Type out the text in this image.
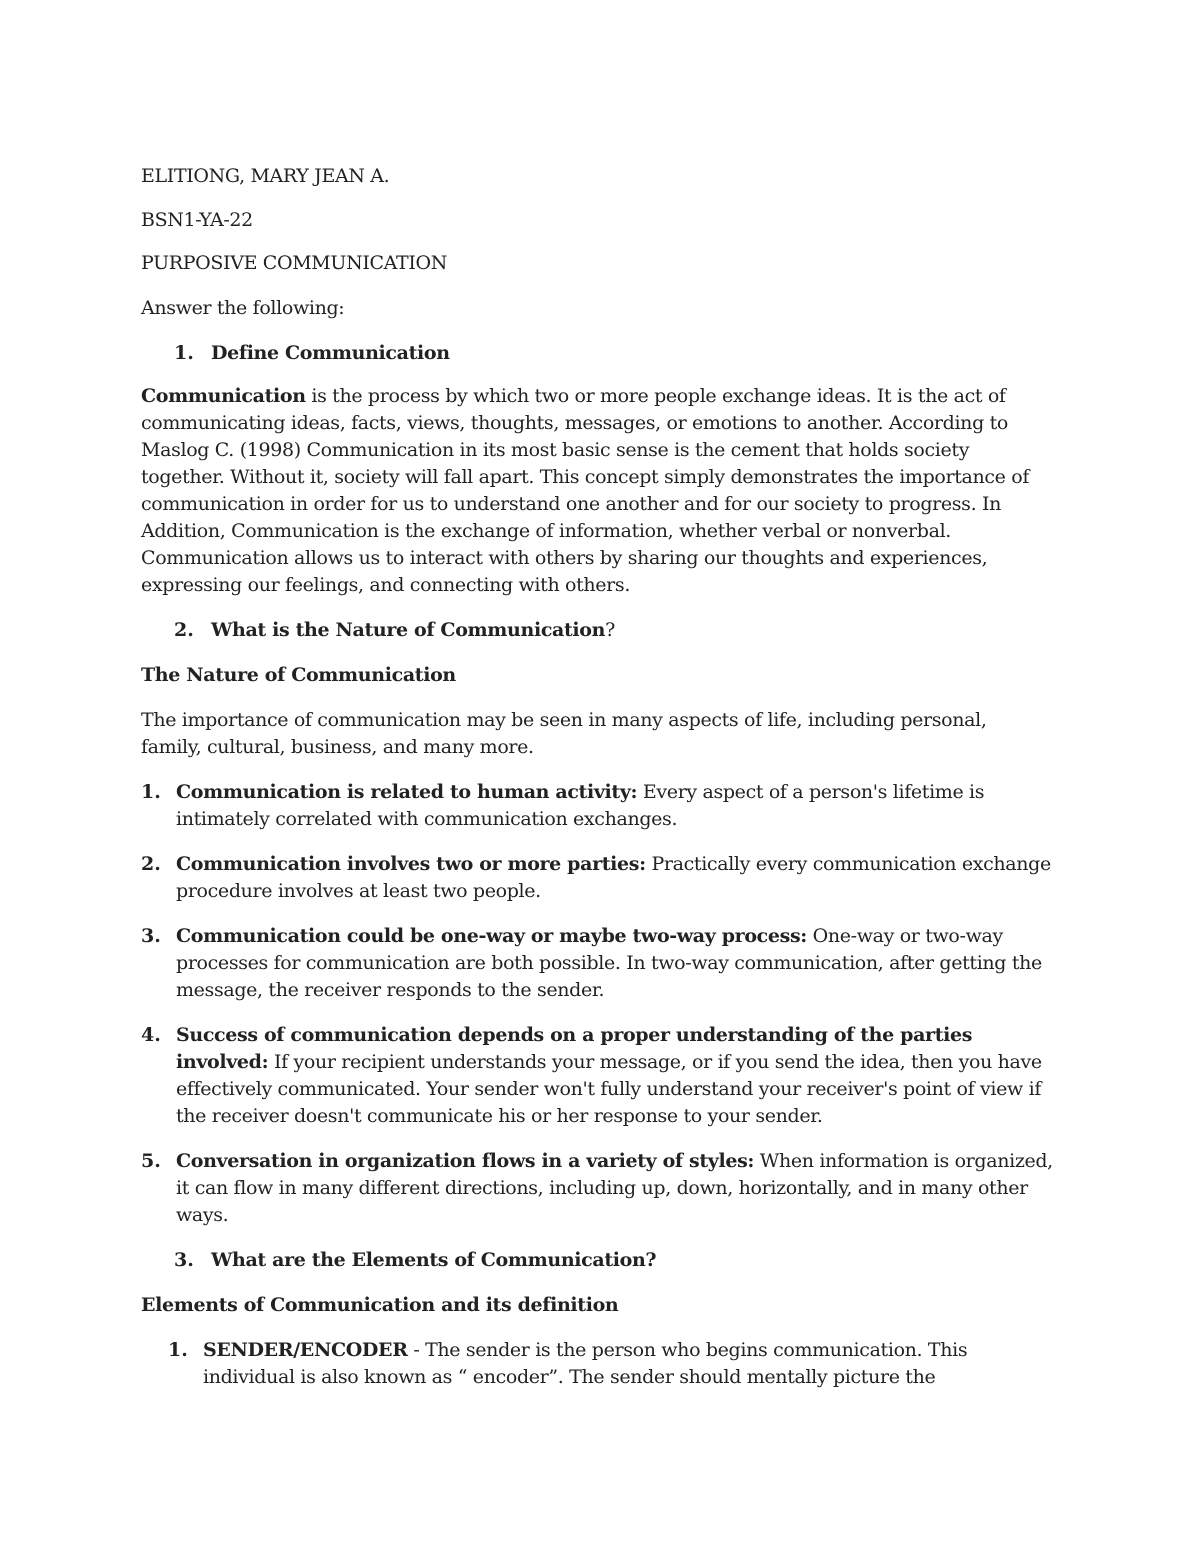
ELITIONG, MARY JEAN A.
BSN1-YA-22
PURPOSIVE COMMUNICATION
Answer the following:
1. Define Communication
Communication is the process by which two or more people exchange ideas. It is the act of
communicating ideas, facts, views, thoughts, messages, or emotions to another. According to
Maslog C. (1998) Communication in its most basic sense is the cement that holds society
together. Without it, society will fall apart. This concept simply demonstrates the importance of
communication in order for us to understand one another and for our society to progress. In
Addition, Communication is the exchange of information, whether verbal or nonverbal.
Communication allows us to interact with others by sharing our thoughts and experiences,
expressing our feelings, and connecting with others.
2. What is the Nature of Communication?
The Nature of Communication
The importance of communication may be seen in many aspects of life, including personal,
family, cultural, business, and many more.
1. Communication is related to human activity: Every aspect of a person's lifetime is
intimately correlated with communication exchanges.
2. Communication involves two or more parties: Practically every communication exchange
procedure involves at least two people.
3. Communication could be one-way or maybe two-way process: One-way or two-way
processes for communication are both possible. In two-way communication, after getting the
message, the receiver responds to the sender.
4. Success of communication depends on a proper understanding of the parties
involved: If your recipient understands your message, or if you send the idea, then you have
effectively communicated. Your sender won't fully understand your receiver's point of view if
the receiver doesn't communicate his or her response to your sender.
5. Conversation in organization flows in a variety of styles: When information is organized,
it can flow in many different directions, including up, down, horizontally, and in many other
ways.
3. What are the Elements of Communication?
Elements of Communication and its definition
1. SENDER/ENCODER - The sender is the person who begins communication. This
individual is also known as “ encoder”. The sender should mentally picture the
